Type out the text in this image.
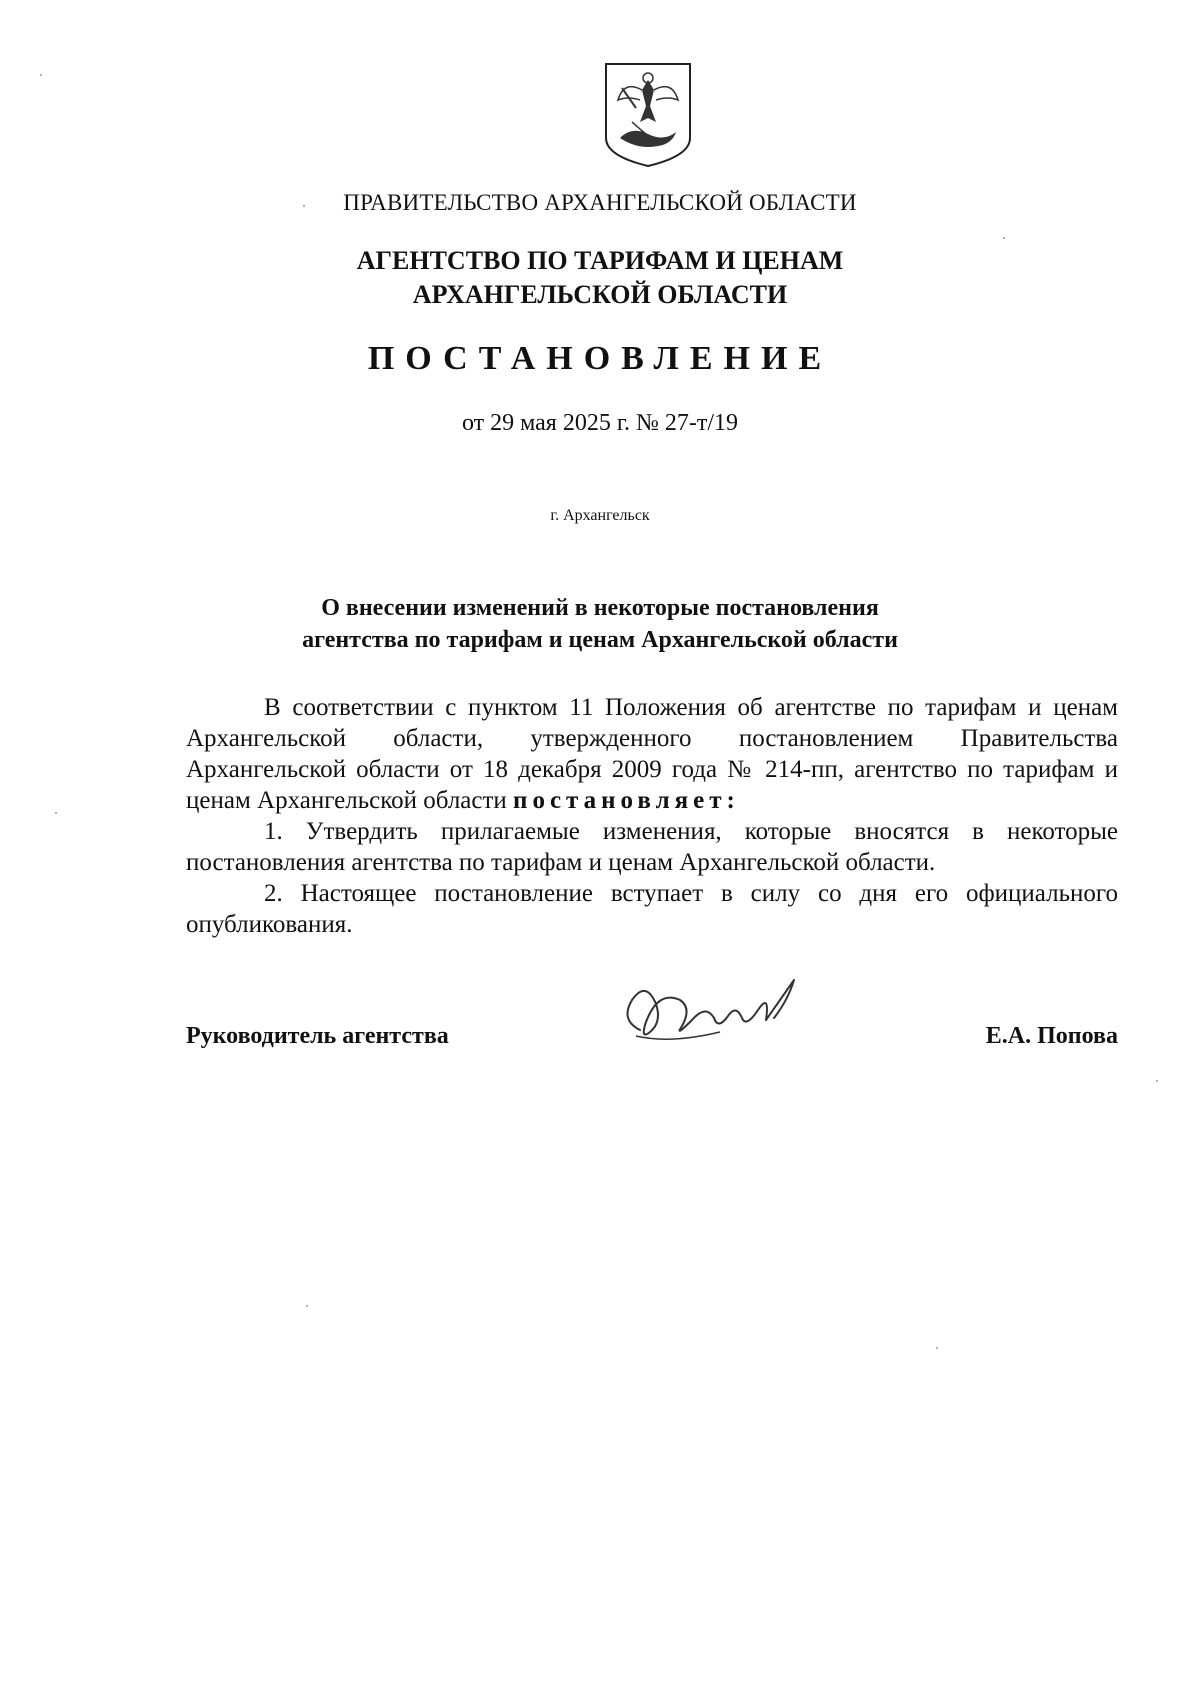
ПРАВИТЕЛЬСТВО АРХАНГЕЛЬСКОЙ ОБЛАСТИ
АГЕНТСТВО ПО ТАРИФАМ И ЦЕНАМ
АРХАНГЕЛЬСКОЙ ОБЛАСТИ
ПОСТАНОВЛЕНИЕ
от 29 мая 2025 г. № 27-т/19
г. Архангельск
О внесении изменений в некоторые постановления
агентства по тарифам и ценам Архангельской области

В соответствии с пунктом 11 Положения об агентстве по тарифам и ценам Архангельской области, утвержденного постановлением Правительства Архангельской области от 18 декабря 2009 года № 214-пп, агентство по тарифам и ценам Архангельской области постановляет:

1. Утвердить прилагаемые изменения, которые вносятся в некоторые постановления агентства по тарифам и ценам Архангельской области.

2. Настоящее постановление вступает в силу со дня его официального опубликования.

Руководитель агентства	Е.А. Попова
